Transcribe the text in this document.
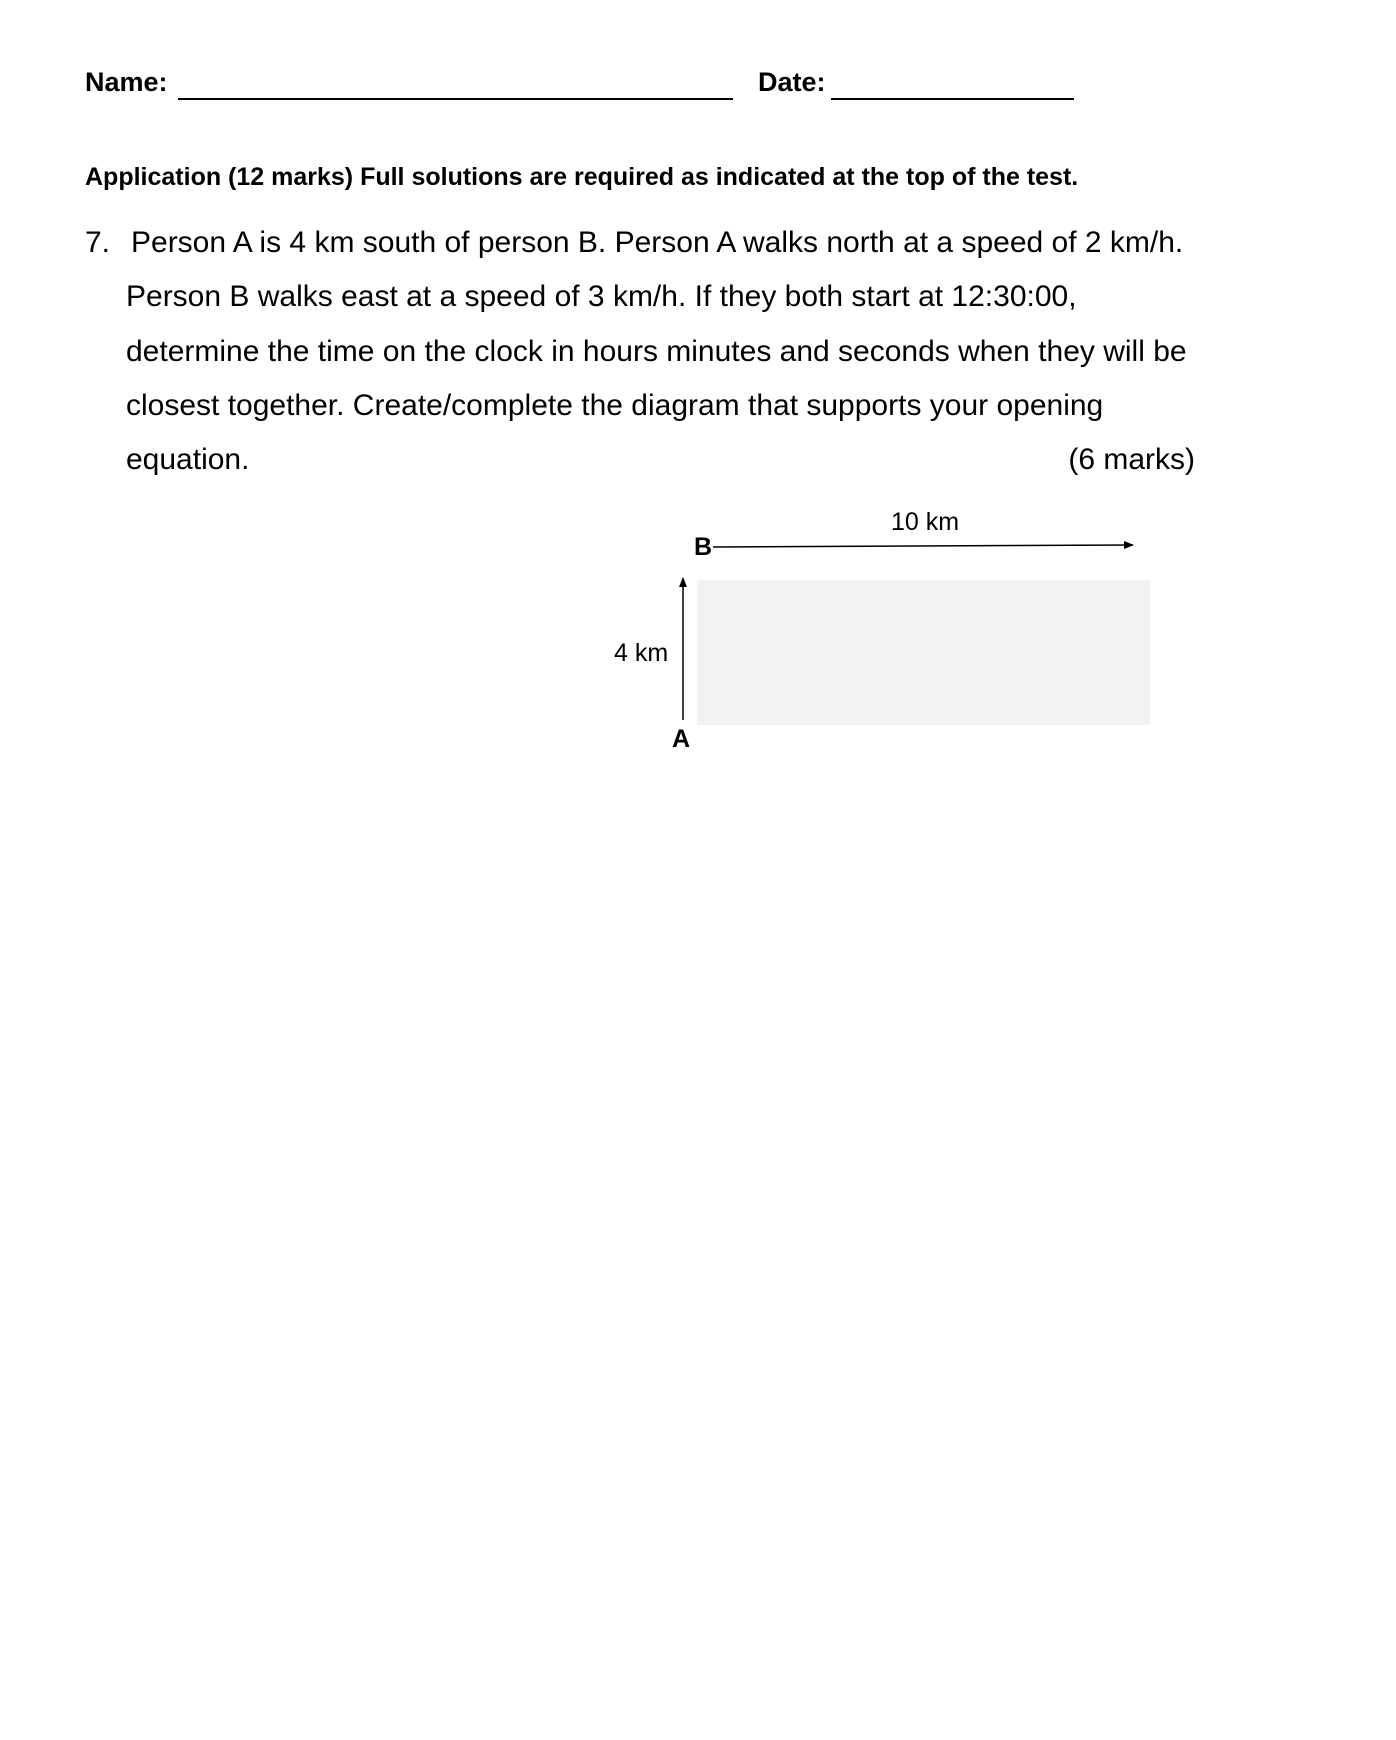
Name:	Date:
Application (12 marks) Full solutions are required as indicated at the top of the test.
7. Person A is 4 km south of person B. Person A walks north at a speed of 2 km/h.
Person B walks east at a speed of 3 km/h. If they both start at 12:30:00,
determine the time on the clock in hours minutes and seconds when they will be
closest together. Create/complete the diagram that supports your opening
equation.	(6 marks)
B
A
10 km
4 km
